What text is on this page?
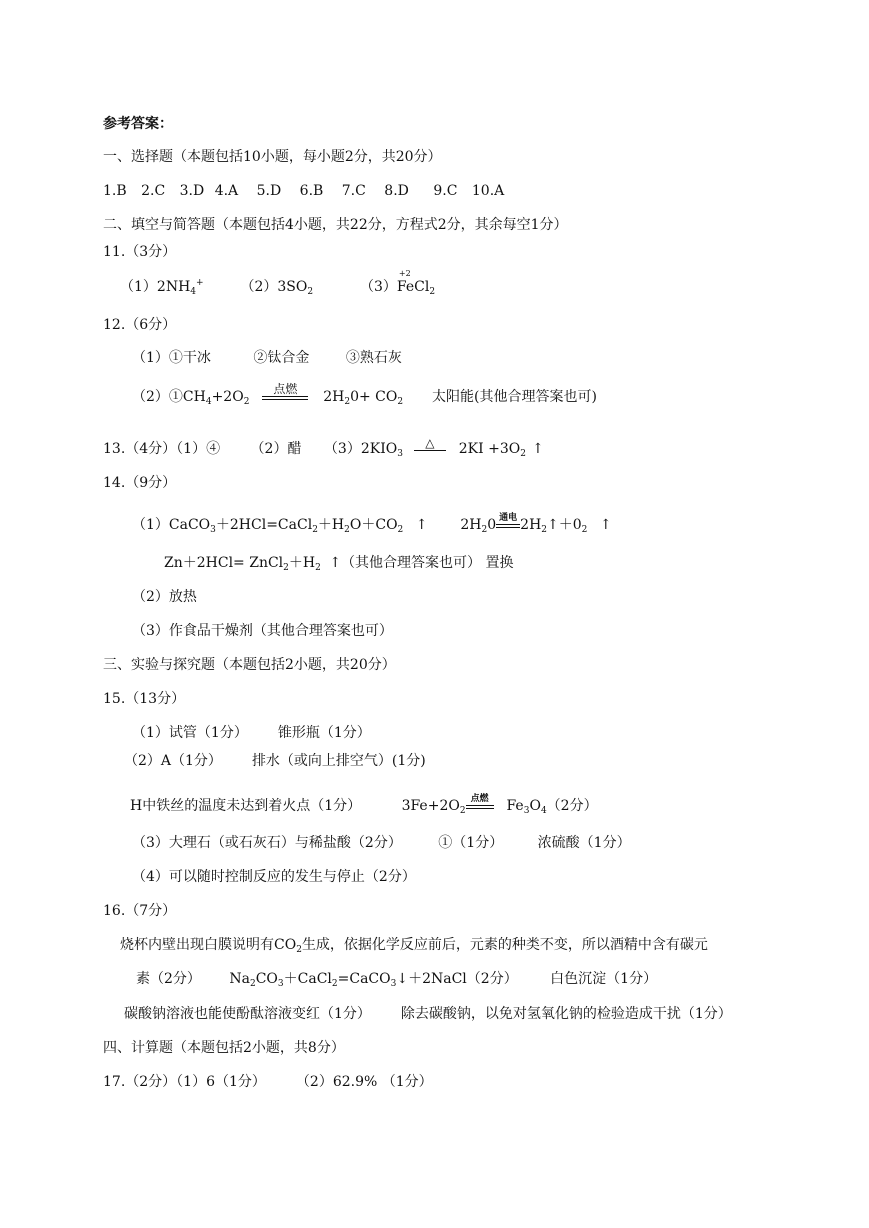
参考答案：
一、选择题（本题包括10小题，每小题2分，共20分）
1.B 2.C 3.D 4.A 5.D 6.B 7.C 8.D 9.C 10.A
二、填空与简答题（本题包括4小题，共22分，方程式2分，其余每空1分）
11.（3分）
$(1)2NH_4^+$	$(2)3SO_2$	（3）
+2
FeCl$_2$
12.（6分）
（1）①干冰	②钛合金	③熟石灰
$(2)①CH_4+2O_2$
点燃	$2H_20+ CO_2$ 太阳能(其他合理答案也可)
13.（4分）（1）④ （2）醋 $(3)2KIO_3$
△	$2KI +3O_2$ ↑
14.（9分）
$(1)CaCO_3+2HCl=CaCl_2+H_2O+CO_2$ ↑ $2H_20$ 通电 $2H_2↑+0_2$ ↑
$Zn+2HCl= ZnCl_2+H_2$ ↑（其他合理答案也可） 置换
（2）放热
（3）作食品干燥剂（其他合理答案也可）
三、实验与探究题（本题包括2小题，共20分）
15.（13分）
（1）试管（1分） 锥形瓶（1分）
（2）A（1分） 排水（或向上排空气）(1分)
H中铁丝的温度未达到着火点（1分）	$3Fe+2O_2$
点燃	$Fe_3O_4(2$分）
（3）大理石（或石灰石）与稀盐酸（2分）	①（1分） 浓硫酸（1分）
（4）可以随时控制反应的发生与停止（2分）
16.（7分）
烧杯内壁出现白膜说明有$CO_2$生成，依据化学反应前后，元素的种类不变，所以酒精中含有碳元
素（2分） $Na_2CO_3+CaCl_2=CaCO_3↓+2NaCl(2$分） 白色沉淀（1分）
碳酸钠溶液也能使酚酞溶液变红（1分） 除去碳酸钠，以免对氢氧化钠的检验造成干扰（1分）
四、计算题（本题包括2小题，共8分）
17.（2分）（1）6（1分） （2）62.9% （1分）
